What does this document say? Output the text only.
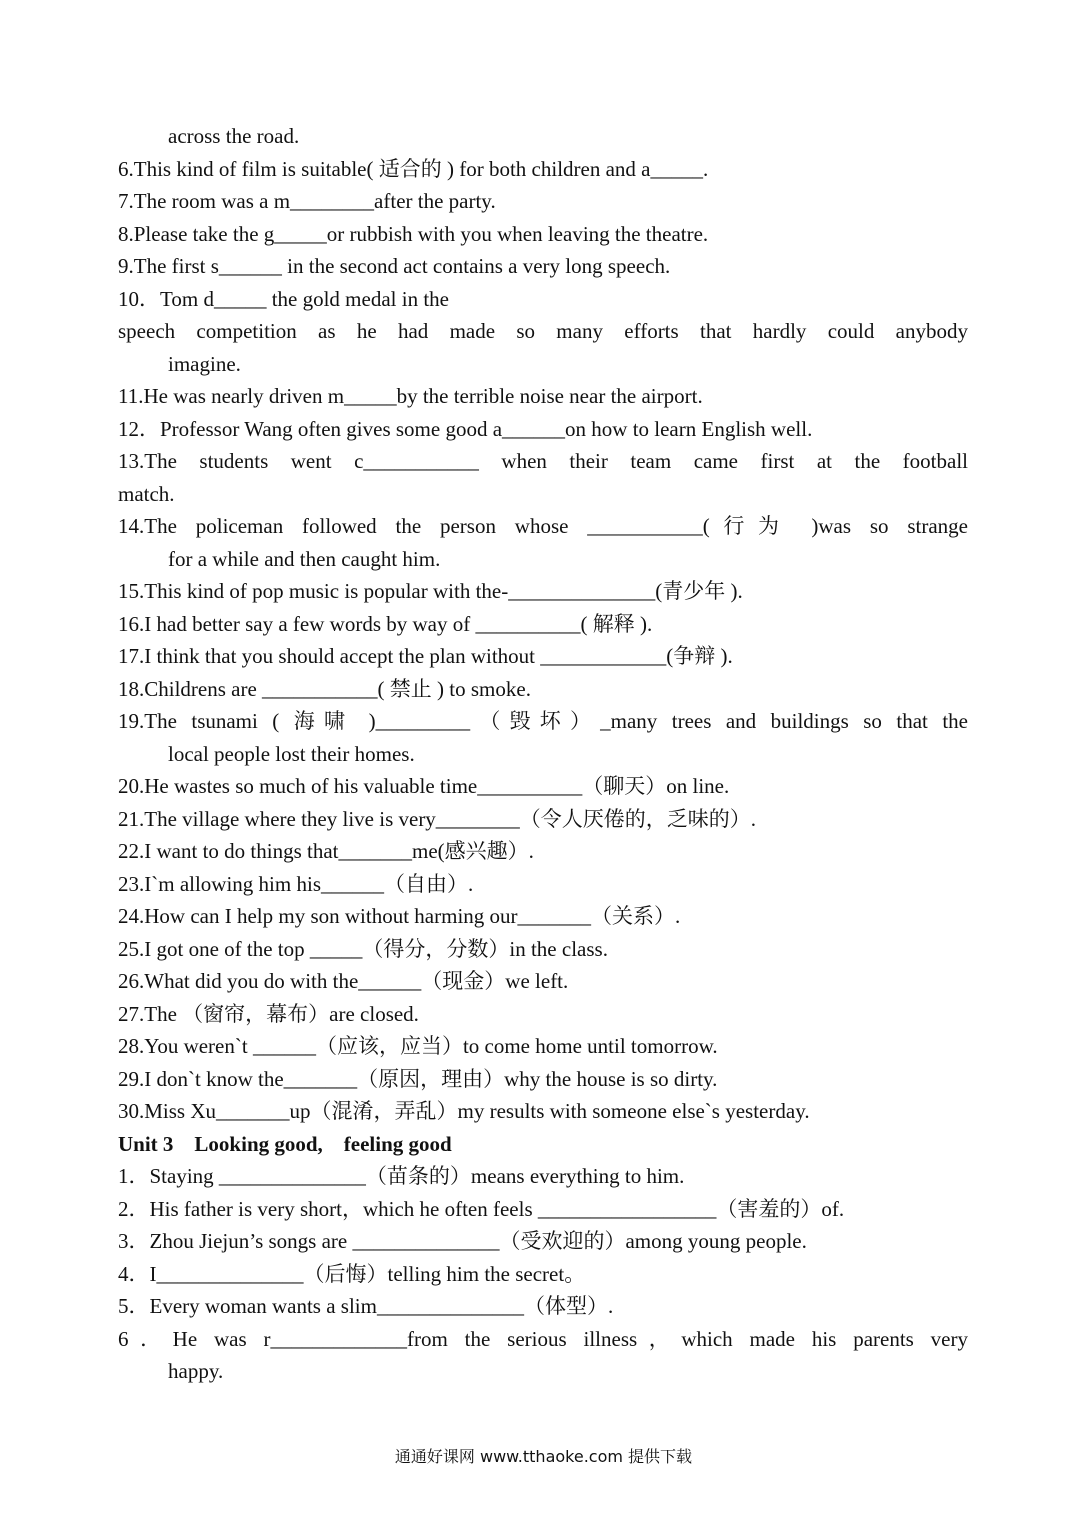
across the road.

6.This kind of film is suitable( 适合的 ) for both children and a_____.

7.The room was a m________after the party.

8.Please take the g_____or rubbish with you when leaving the theatre.

9.The first s______ in the second act contains a very long speech.

10．Tom d_____ the gold medal in the

speech competition as he had made so many efforts that hardly could anybody

imagine.

11.He was nearly driven m_____by the terrible noise near the airport.

12．Professor Wang often gives some good a______on how to learn English well.

13.The students went c___________ when their team came first at the football

match.

14.The policeman followed the person whose ___________(行为 )was so strange

for a while and then caught him.

15.This kind of pop music is popular with the-______________(青少年 ).

16.I had better say a few words by way of __________( 解释 ).

17.I think that you should accept the plan without ____________(争辩 ).

18.Childrens are ___________( 禁止 ) to smoke.

19.The tsunami ( 海啸 )_________（毁坏）_many trees and buildings so that the

local people lost their homes.

20.He wastes so much of his valuable time__________（聊天）on line.

21.The village where they live is very________（令人厌倦的，乏味的）.

22.I want to do things that_______me(感兴趣）.

23.I`m allowing him his______（自由）.

24.How can I help my son without harming our_______（关系）.

25.I got one of the top _____（得分，分数）in the class.

26.What did you do with the______（现金）we left.

27.The （窗帘，幕布）are closed.

28.You weren`t ______（应该，应当）to come home until tomorrow.

29.I don`t know the_______（原因，理由）why the house is so dirty.

30.Miss Xu_______up（混淆，弄乱）my results with someone else`s yesterday.

Unit 3    Looking good,    feeling good

1．Staying ______________（苗条的）means everything to him.

2．His father is very short，which he often feels _________________（害羞的）of.

3．Zhou Jiejun’s songs are ______________（受欢迎的）among young people.

4．I______________（后悔）telling him the secret。

5．Every woman wants a slim______________（体型）.

6．He was r_____________from the serious illness，which made his parents very

happy.

通通好课网 www.tthaoke.com 提供下载
